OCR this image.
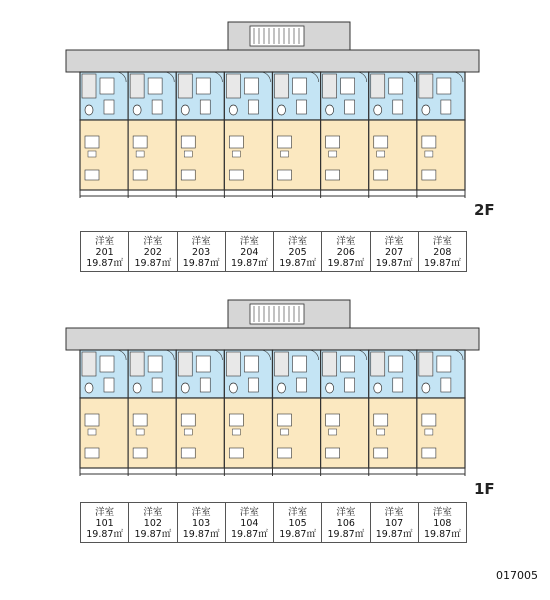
2F
洋室
201
19.87㎡
洋室
202
19.87㎡
洋室
203
19.87㎡
洋室
204
19.87㎡
洋室
205
19.87㎡
洋室
206
19.87㎡
洋室
207
19.87㎡
洋室
208
19.87㎡
1F
洋室
101
19.87㎡
洋室
102
19.87㎡
洋室
103
19.87㎡
洋室
104
19.87㎡
洋室
105
19.87㎡
洋室
106
19.87㎡
洋室
107
19.87㎡
洋室
108
19.87㎡
017005
